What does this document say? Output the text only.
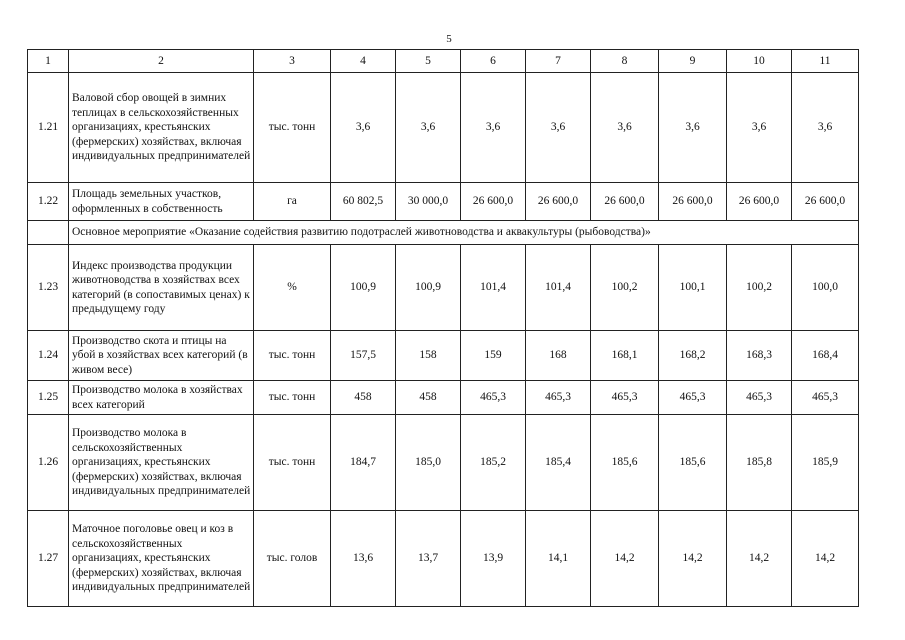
5
1	2	3	4	5	6	7	8	9	10	11
1.21	Валовой сбор овощей в зимних теплицах в сельскохозяйственных организациях, крестьянских (фермерских) хозяйствах, включая индивидуальных предпринимателей	тыс. тонн	3,6	3,6	3,6	3,6	3,6	3,6	3,6	3,6
1.22	Площадь земельных участков, оформленных в собственность	га	60 802,5	30 000,0	26 600,0	26 600,0	26 600,0	26 600,0	26 600,0	26 600,0
	Основное мероприятие «Оказание содействия развитию подотраслей животноводства и аквакультуры (рыбоводства)»									
1.23	Индекс производства продукции животноводства в хозяйствах всех категорий (в сопоставимых ценах) к предыдущему году	%	100,9	100,9	101,4	101,4	100,2	100,1	100,2	100,0
1.24	Производство скота и птицы на убой в хозяйствах всех категорий (в живом весе)	тыс. тонн	157,5	158	159	168	168,1	168,2	168,3	168,4
1.25	Производство молока в хозяйствах всех категорий	тыс. тонн	458	458	465,3	465,3	465,3	465,3	465,3	465,3
1.26	Производство молока в сельскохозяйственных организациях, крестьянских (фермерских) хозяйствах, включая индивидуальных предпринимателей	тыс. тонн	184,7	185,0	185,2	185,4	185,6	185,6	185,8	185,9
1.27	Маточное поголовье овец и коз в сельскохозяйственных организациях, крестьянских (фермерских) хозяйствах, включая индивидуальных предпринимателей	тыс. голов	13,6	13,7	13,9	14,1	14,2	14,2	14,2	14,2
